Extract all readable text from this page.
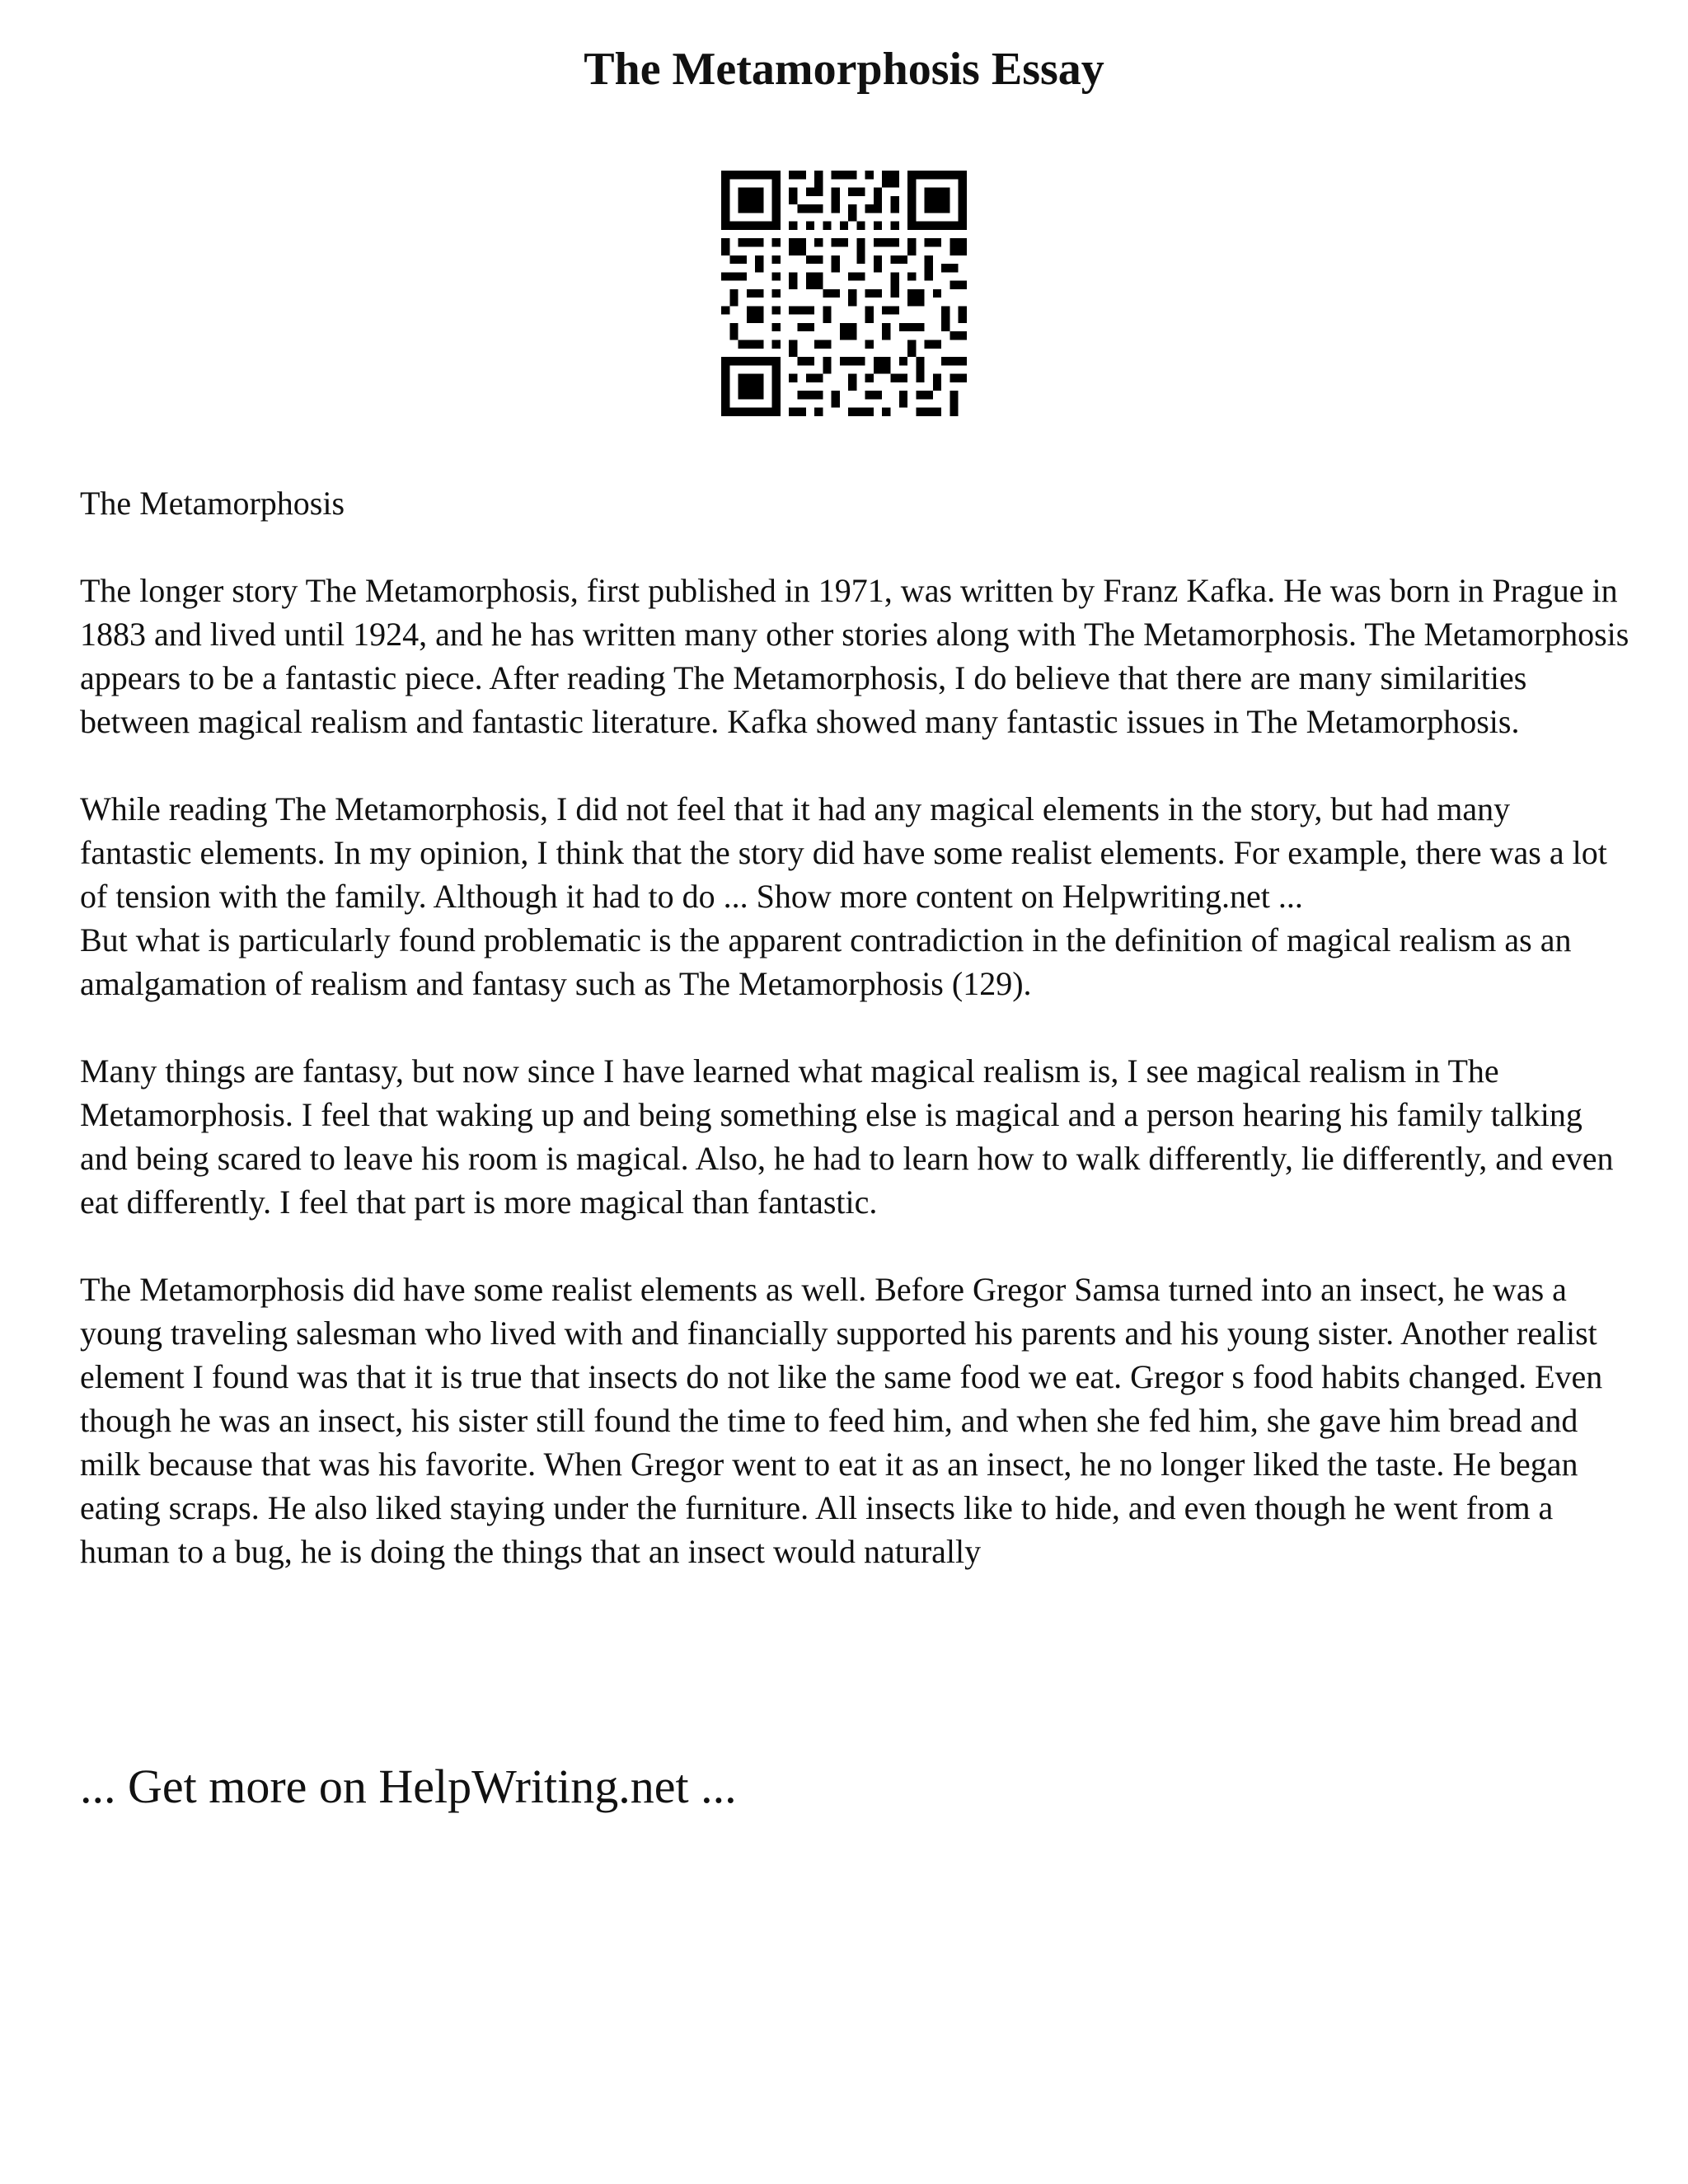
The Metamorphosis Essay

The Metamorphosis

The longer story The Metamorphosis, first published in 1971, was written by Franz Kafka. He was born in Prague in 1883 and lived until 1924, and he has written many other stories along with The Metamorphosis. The Metamorphosis appears to be a fantastic piece. After reading The Metamorphosis, I do believe that there are many similarities between magical realism and fantastic literature. Kafka showed many fantastic issues in The Metamorphosis.

While reading The Metamorphosis, I did not feel that it had any magical elements in the story, but had many fantastic elements. In my opinion, I think that the story did have some realist elements. For example, there was a lot of tension with the family. Although it had to do ... Show more content on Helpwriting.net ...

But what is particularly found problematic is the apparent contradiction in the definition of magical realism as an amalgamation of realism and fantasy such as The Metamorphosis (129).

Many things are fantasy, but now since I have learned what magical realism is, I see magical realism in The Metamorphosis. I feel that waking up and being something else is magical and a person hearing his family talking and being scared to leave his room is magical. Also, he had to learn how to walk differently, lie differently, and even eat differently. I feel that part is more magical than fantastic.

The Metamorphosis did have some realist elements as well. Before Gregor Samsa turned into an insect, he was a young traveling salesman who lived with and financially supported his parents and his young sister. Another realist element I found was that it is true that insects do not like the same food we eat. Gregor s food habits changed. Even though he was an insect, his sister still found the time to feed him, and when she fed him, she gave him bread and milk because that was his favorite. When Gregor went to eat it as an insect, he no longer liked the taste. He began eating scraps. He also liked staying under the furniture. All insects like to hide, and even though he went from a human to a bug, he is doing the things that an insect would naturally

... Get more on HelpWriting.net ...
